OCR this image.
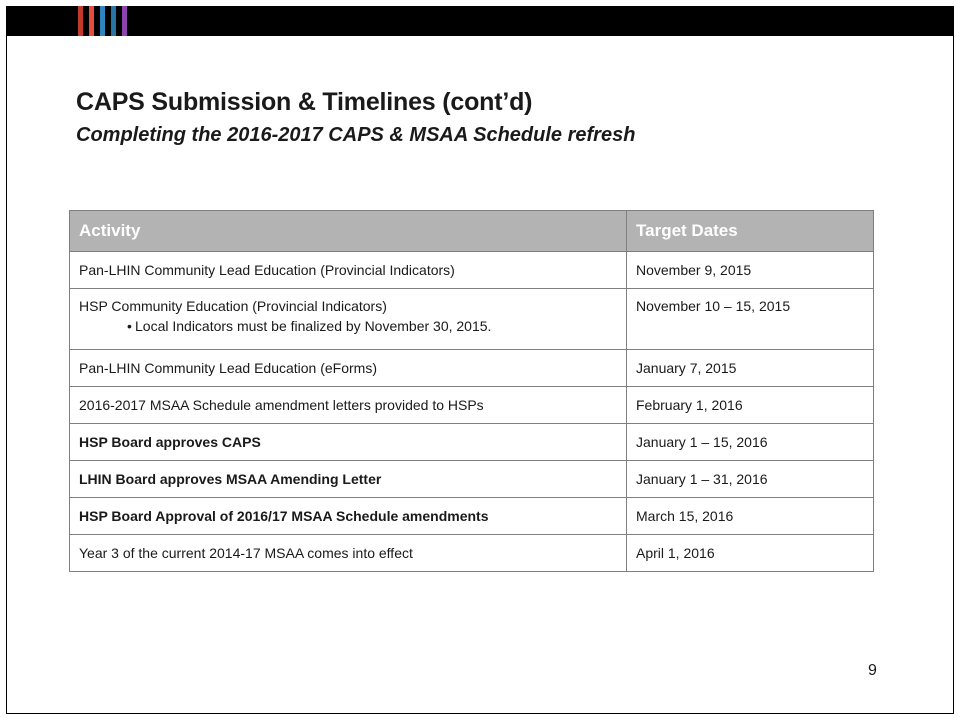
CAPS Submission & Timelines (cont’d)
Completing the 2016-2017 CAPS & MSAA Schedule refresh
Activity	Target Dates
Pan-LHIN Community Lead Education (Provincial Indicators)	November 9, 2015

HSP Community Education (Provincial Indicators)
• Local Indicators must be finalized by November 30, 2015.	November 10 – 15, 2015
Pan-LHIN Community Lead Education (eForms)	January 7, 2015
2016-2017 MSAA Schedule amendment letters provided to HSPs	February 1, 2016
HSP Board approves CAPS	January 1 – 15, 2016
LHIN Board approves MSAA Amending Letter	January 1 – 31, 2016
HSP Board Approval of 2016/17 MSAA Schedule amendments	March 15, 2016
Year 3 of the current 2014-17 MSAA comes into effect	April 1, 2016
9
